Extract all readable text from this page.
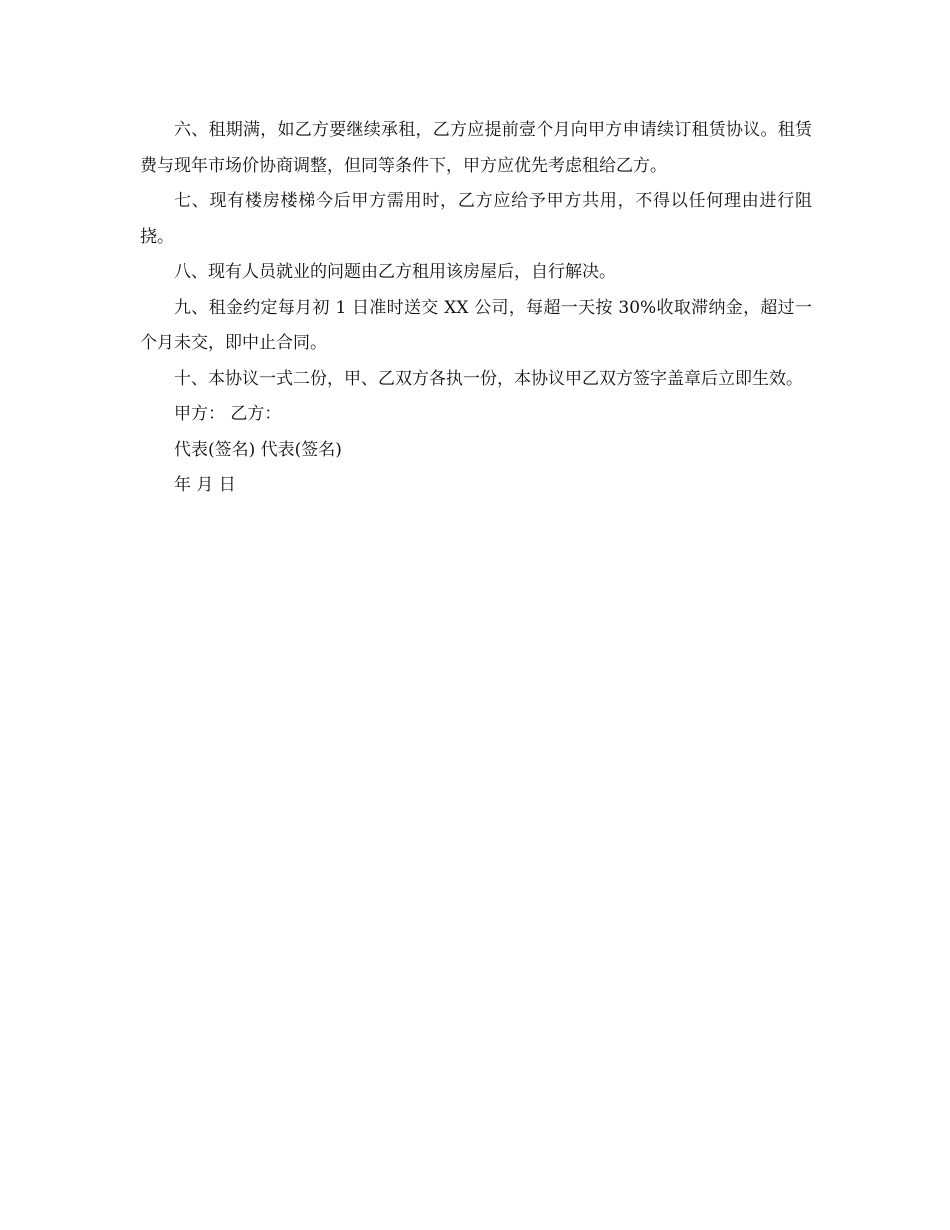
六、租期满，如乙方要继续承租，乙方应提前壹个月向甲方申请续订租赁协议。租赁费与现年市场价协商调整，但同等条件下，甲方应优先考虑租给乙方。

七、现有楼房楼梯今后甲方需用时，乙方应给予甲方共用，不得以任何理由进行阻挠。

八、现有人员就业的问题由乙方租用该房屋后，自行解决。

九、租金约定每月初 1 日准时送交 XX 公司，每超一天按 30%收取滞纳金，超过一个月未交，即中止合同。

十、本协议一式二份，甲、乙双方各执一份，本协议甲乙双方签字盖章后立即生效。

甲方： 乙方：

代表(签名) 代表(签名)

年 月 日
